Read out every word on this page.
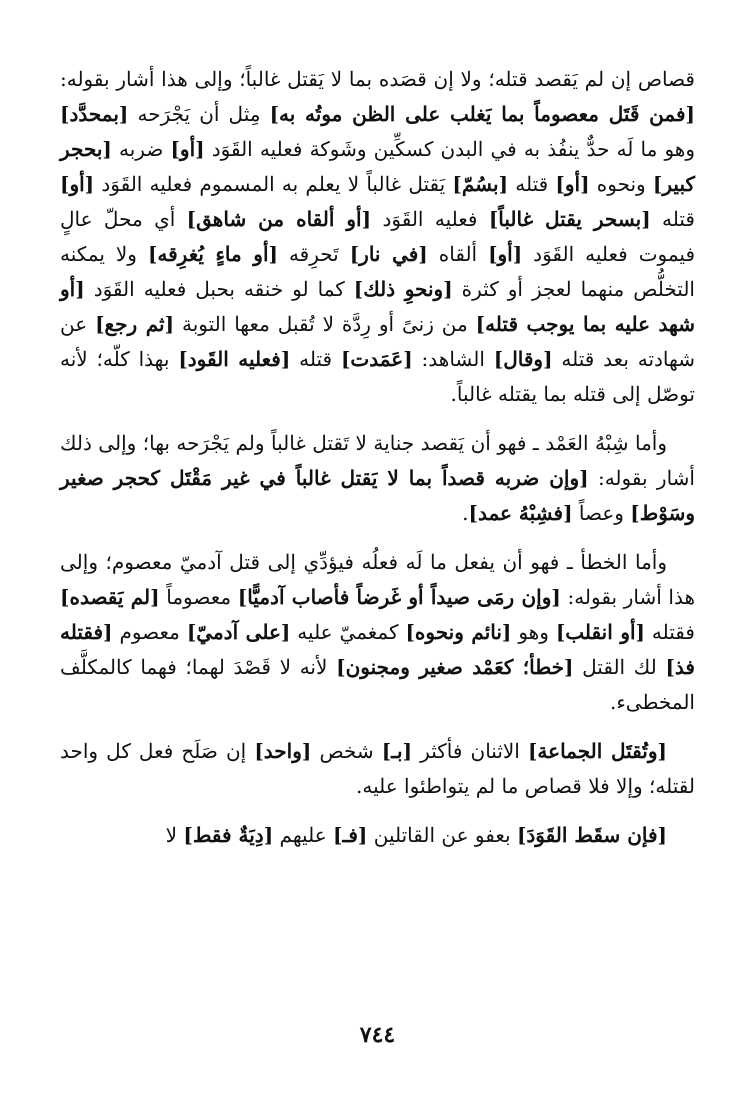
قصاص إن لم يَقصد قتله؛ ولا إن قصَده بما لا يَقتل غالباً؛ وإلى هذا أشار بقوله: [فمن قَتَل معصوماً بما يَغلب على الظن موتُه به] مِثل أن يَجْرَحه [بمحدَّد] وهو ما لَه حدٌّ ينفُذ به في البدن كسكِّين وشَوكة فعليه القَوَد [أو] ضربه [بحجر كبير] ونحوه [أو] قتله [بسُمّ] يَقتل غالباً لا يعلم به المسموم فعليه القَوَد [أو] قتله [بسحر يقتل غالباً] فعليه القَوَد [أو ألقاه من شاهق] أي محلّ عالٍ فيموت فعليه القَوَد [أو] ألقاه [في نار] تَحرِقه [أو ماءٍ يُغرِقه] ولا يمكنه التخلُّص منهما لعجز أو كثرة [ونحوِ ذلك] كما لو خنقه بحبل فعليه القَوَد [أو شهد عليه بما يوجب قتله] من زنىً أو رِدَّة لا تُقبل معها التوبة [ثم رجع] عن شهادته بعد قتله [وقال] الشاهد: [عَمَدت] قتله [فعليه القَود] بهذا كلّه؛ لأنه توصّل إلى قتله بما يقتله غالباً.

وأما شِبْهُ العَمْد ـ فهو أن يَقصد جناية لا تَقتل غالباً ولم يَجْرَحه بها؛ وإلى ذلك أشار بقوله: [وإن ضربه قصداً بما لا يَقتل غالباً في غير مَقْتَل كحجر صغير وسَوْط] وعصاً [فشِبْهُ عمد].

وأما الخطأ ـ فهو أن يفعل ما لَه فعلُه فيؤدِّي إلى قتل آدميّ معصوم؛ وإلى هذا أشار بقوله: [وإن رمَى صيداً أو غَرضاً فأصاب آدميًّا] معصوماً [لم يَقصده] فقتله [أو انقلب] وهو [نائم ونحوه] كمغميّ عليه [على آدميّ] معصوم [فقتله فذ] لك القتل [خطأ؛ كعَمْد صغير ومجنون] لأنه لا قَصْدَ لهما؛ فهما كالمكلَّف المخطىء.

[وتُقتَل الجماعة] الاثنان فأكثر [بـ] شخص [واحد] إن صَلَح فعل كل واحد لقتله؛ وإلا فلا قصاص ما لم يتواطئوا عليه.

[فإن سقَط القَوَدَ] بعفو عن القاتلين [فـ] عليهم [دِيَةٌ فقط] لا

٧٤٤
